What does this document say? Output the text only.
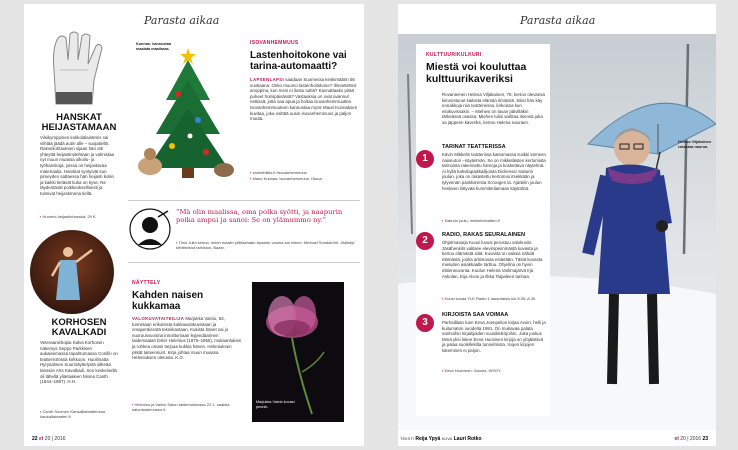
Parasta aikaa
HANSKAT HEIJASTAMAAN
Viisikymppinen kokkolalaistetes sai viihtää jäädä autin alle – suojatiellä. Rakveliohtauksen sijaan hän otti yhteyttä heijastimitehtaan ja valmistaa nyt muun muassa ulkoilu- ja työhanskoja, joissa on heijastavaa materiaalia. Hanskat syntyivät kun pimeyden sattaessa hän heijasti kotiin ja kaikki tietävät kuka on kyse. Ne täydentävät poikkeuksellisesti ja toimivat heijastimena tiellä.
▪ Huomio-heijastinhanska, 29 €.
KORHOSEN KAVALKADI
Veteraanishopia Kalva Korhosen näkemys Seppo Parkkisen aukaisemassa tapahtumassa Conifin on teatteriströssä kirkkoon. Huolimatta Hyrysalmen Suurinäyttelystä sitkeää tanssiin Arts Kavalkadi. Sen keskeisellä oli lähellä ylitetaaleen Minna Canth (1844–1897). H.H.
▪ Canth Suomen Kansallisteatterissa. kansallisteatteri.fi
Kunnas: kannustaa maalata maailmaa.
ISOVANHEMMUUS
Lastenhoitokone vai tarina-automaatti?
LAPSENLAPSI saadaan Suomessa keskimäärin 56 vuotiaana. Onko muumo lastenhoitokone? Ilmeettetteö anoppina, kun mesi ei ilostu tuttiä? Kannattaako pitää puheet hoitopäivässä? Vastauksia on ovat avannut nettissä, jotta saa apua ja hoitaa isovanhemmuutten. Isovanhemmuuteen kannustaa myös Mauri Kunnaksen kuvitaa, joka esittää uusin isovanhemmuus ja paljon muuta.
▪ vanhebilitis.fi /isovanhemmuus
▪ Mauri Kunnas: Isovanhemmuus, Otava.
”Mä olin maalissa, oma polka syötti, ja naapurin poika ampui ja sanoi: Se on ylämummo ny.”
▪ Timo Julia kertoo, miten maalin ylilläsimaan lauseitu vauma sai nimen. Michael Sundström: Jäähdyt kehitteistut tarkistus. Bazar.
NÄYTTELY
Kahden naisen kukkamaa
VALOKUVATAITEILIJA Marjukka Vainio, 63, tunnetaan erikoisista kukkavalokuvistaan ja omaperäisestä tekniikastaan. Kukista hänet sai jo nuoruusvuosina innoittumaan legendaarinen taidemaalari Ester Helenius (1875–1955), mukaanlukien ja rohkea omani tarjoaa kukkia hänen. Heleniuksen pitkät taiteensurit. Kirja johtaa muun muassa Heleniuksen oletusta. K.O.
▪ Helenius ja Vainio Salon taidemuseossa 22.1. saakka. salontaidemuseo.fi
Marjukka Vainio kuvasi peonin.
22 et 20 | 2016
Parasta aikaa
KULTTUURIKULKURI
Miestä voi kouluttaa kulttuurikaveriksi
Rovaniemen Helena Viljakainen, 76, kertoo olevansa kiinnostunut kaikista elämän ilmiöistä. Siksi hän käy ennakkoja niin teattereissa, kirkoissa kun eloikuvissakin. – Miehesi on lavan päivilläkin tärkeässä osassa. Miehen tulisi vaihtaa itsensä joka sa jäppeen kaveriks, kertoo Helena nauraen.
1
TARINAT TEATTERISSA
Kävin Mikkelin teatterissa katsomassa Kaikki toimeen naiseuton –näytelmän. Se on mikkeläisten kertomista tarinoista rakennettu hienoja ja koskettava näytelmä. Ai kyllä kahvilapaikkailijoista Dickensin Saiturin joulun, joka on rakastettu kertomus itsekkään ja tylyvenän pankkiireista Scrooges ta. Ajattelin joulun henkeen liittyvää kummitteliamaan käyttölöä.
▪ Saiturin joulu, mikkelinteatteri.fi
2	RADIO, RAKAS SEURALAINEN
Ohjelmasarja Kuusi luvusi perustuu valokuviin. Jäsähenkilö valitsee elevimpeimmästä kuvasta ja kertoo elämästä siitä. Kuvasta on vaikea nähdä elämästä, jonka arkistossa esitetään. Tästä kuvasta mieluiten asiakkaalle tarttuu. Ohjelma on hyvin eläinneuvonta. Kuulun Helena Vaihmajärvä Irja Askolan, Eija Alvon ja Ilkka Taipaleen tarinaa.
▪ Kuusi kuvaa YLE Radio 1 lauantaisin klo 8.05–8.30.
3
KIRJOISTA SAA VOIMAA
Parhaillaan luen Eeva Joenpelion kirjaa Avoin, helli ja kuitumaton vuodelta 1991. On mukavaa palata vanhoihin kirjailijoiden suosikkikirjoihin. Joka joskus tämä yksi lukee Eeva Huovisen kirjoja on ylöjäistiivä ja palaa suolellekilta tunnelmista. Isojen kirjojen lukeminen ei paljon.
▪ Eeva Huovinen: Saunia, WSOY.
Helena Viljakainen rakastaa naurua.
TEKSTI Reija Ypyä KUVA Lauri Rotko	et 20 | 2016 23
